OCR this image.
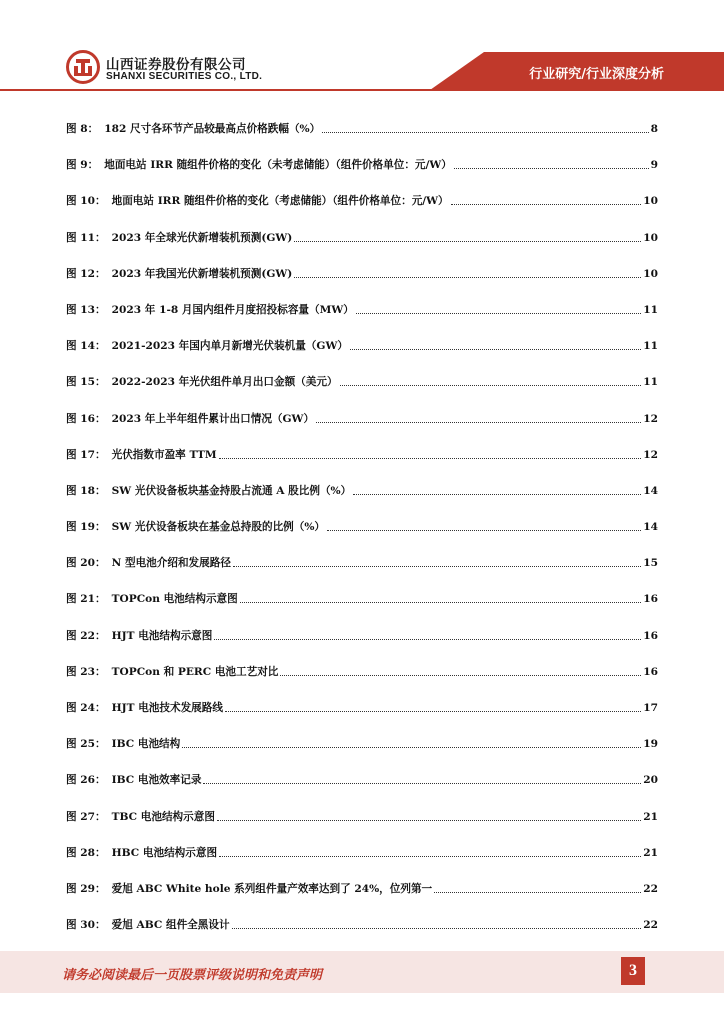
山西证券股份有限公司
SHANXI SECURITIES CO., LTD.	行业研究/行业深度分析
图 8： 182 尺寸各环节产品较最高点价格跌幅（%）	8
图 9： 地面电站 IRR 随组件价格的变化（未考虑储能）（组件价格单位：元/W）	9
图 10： 地面电站 IRR 随组件价格的变化（考虑储能）（组件价格单位：元/W）	10
图 11： 2023 年全球光伏新增装机预测(GW)	10
图 12： 2023 年我国光伏新增装机预测(GW)	10
图 13： 2023 年 1-8 月国内组件月度招投标容量（MW）	11
图 14： 2021-2023 年国内单月新增光伏装机量（GW）	11
图 15： 2022-2023 年光伏组件单月出口金额（美元）	11
图 16： 2023 年上半年组件累计出口情况（GW）	12
图 17： 光伏指数市盈率 TTM	12
图 18： SW 光伏设备板块基金持股占流通 A 股比例（%）	14
图 19： SW 光伏设备板块在基金总持股的比例（%）	14
图 20： N 型电池介绍和发展路径	15
图 21： TOPCon 电池结构示意图	16
图 22： HJT 电池结构示意图	16
图 23： TOPCon 和 PERC 电池工艺对比	16
图 24： HJT 电池技术发展路线	17
图 25： IBC 电池结构	19
图 26： IBC 电池效率记录	20
图 27： TBC 电池结构示意图	21
图 28： HBC 电池结构示意图	21
图 29： 爱旭 ABC White hole 系列组件量产效率达到了 24%，位列第一	22
图 30： 爱旭 ABC 组件全黑设计	22
请务必阅读最后一页股票评级说明和免责声明	3
